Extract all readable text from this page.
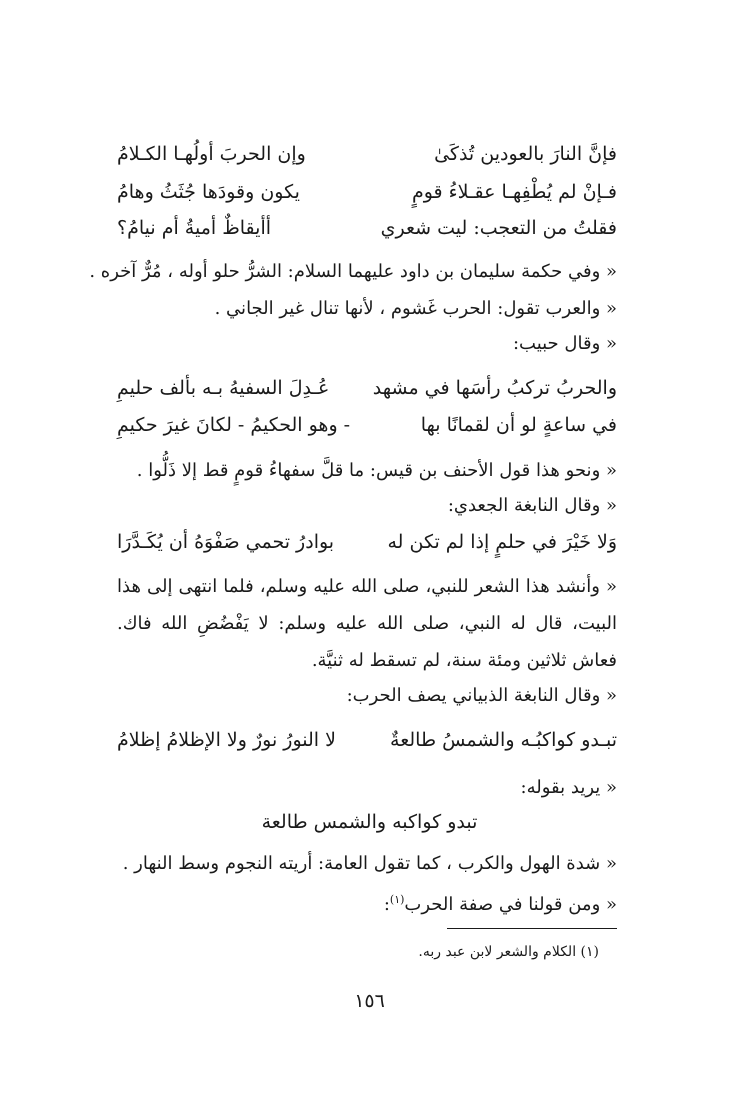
فإنَّ النارَ بالعودين تُذكَىٰ
وإن الحربَ أولُهـا الكـلامُ
فـإنْ لم يُطْفِهـا عقـلاءُ قومٍ
يكون وقودَها جُثَثُ وهامُ
فقلتُ من التعجب: ليت شعري
أأيقاظٌ أميةُ أم نيامُ؟
« وفي حكمة سليمان بن داود عليهما السلام: الشرُّ حلو أوله ، مُرٌّ آخره .
« والعرب تقول: الحرب غَشوم ، لأنها تنال غير الجاني .
« وقال حبيب:
والحربُ تركبُ رأسَها في مشهد
عُـدِلَ السفيهُ بـه بألف حليمِ
في ساعةٍ لو أن لقمانًا بها
- وهو الحكيمُ - لكانَ غيرَ حكيمِ
« ونحو هذا قول الأحنف بن قيس: ما قلَّ سفهاءُ قومٍ قط إلا ذَلُّوا .
« وقال النابغة الجعدي:
وَلا خَيْرَ في حلمٍ إذا لم تكن له
بوادرُ تحمي صَفْوَهُ أن يُكَـدَّرَا
« وأنشد هذا الشعر للنبي، صلى الله عليه وسلم، فلما انتهى إلى هذا البيت، قال له النبي، صلى الله عليه وسلم: لا يَفْضُضِ الله فاك. فعاش ثلاثين ومئة سنة، لم تسقط له ثنيَّة.
« وقال النابغة الذبياني يصف الحرب:
تبـدو كواكبُـه والشمسُ طالعةٌ
لا النورُ نورٌ ولا الإظلامُ إظلامُ
« يريد بقوله:
تبدو كواكبه والشمس طالعة
« شدة الهول والكرب ، كما تقول العامة: أريته النجوم وسط النهار .
« ومن قولنا في صفة الحرب$^{(١)}$:
(١) الكلام والشعر لابن عبد ربه.
١٥٦
